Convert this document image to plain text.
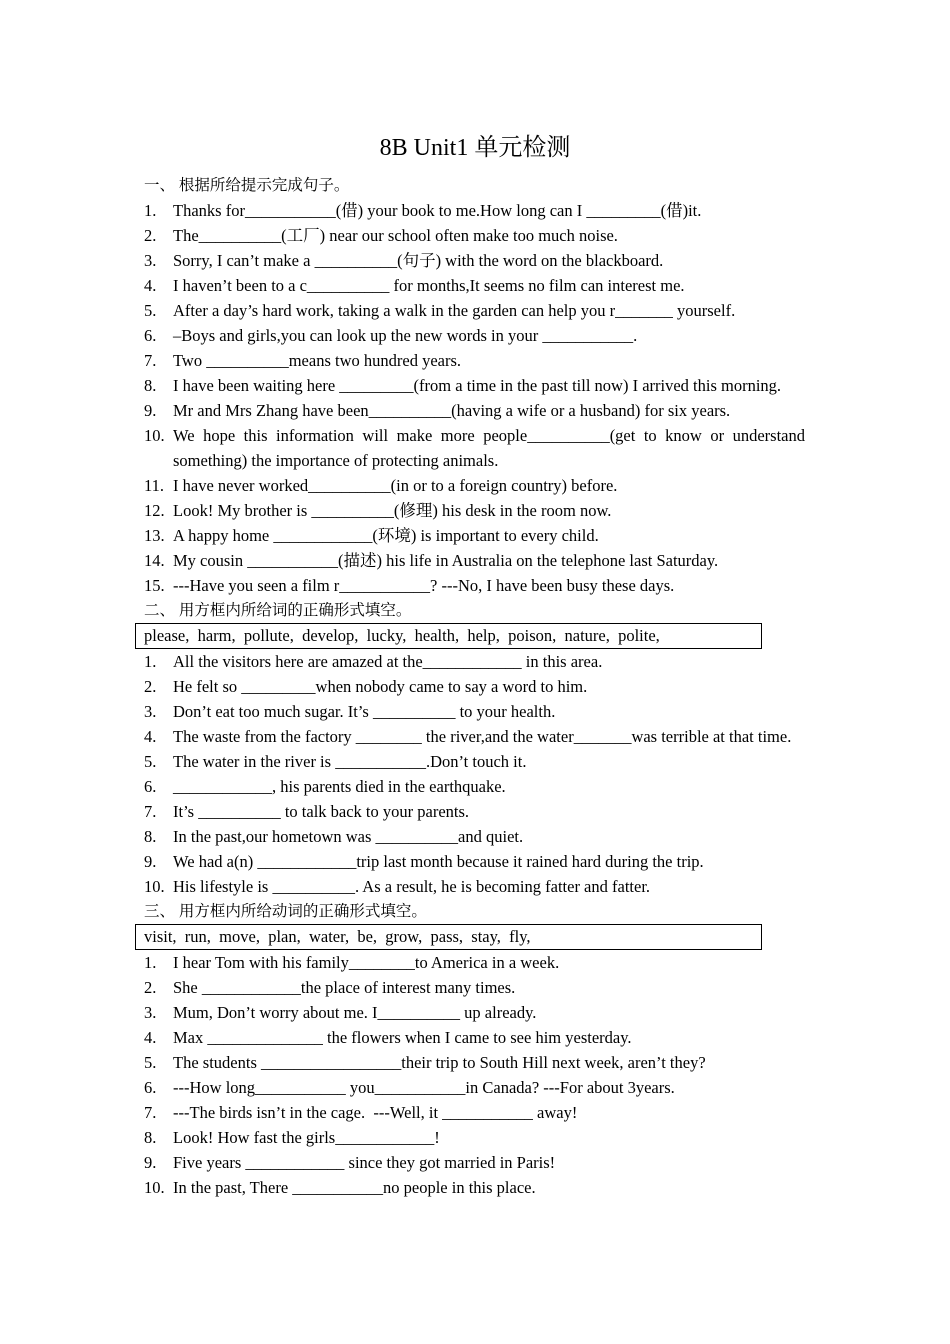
8B Unit1 单元检测
一、 根据所给提示完成句子。
1.	Thanks for___________(借) your book to me.How long can I _________(借)it.
2.	The__________(工厂) near our school often make too much noise.
3.	Sorry, I can’t make a __________(句子) with the word on the blackboard.
4.	I haven’t been to a c__________ for months,It seems no film can interest me.
5.	After a day’s hard work, taking a walk in the garden can help you r_______ yourself.
6.	–Boys and girls,you can look up the new words in your ___________.
7.	Two __________means two hundred years.
8.	I have been waiting here _________(from a time in the past till now) I arrived this morning.
9.	Mr and Mrs Zhang have been__________(having a wife or a husband) for six years.
10. We hope this information will make more people__________(get to know or understand something) the importance of protecting animals.
11. I have never worked__________(in or to a foreign country) before.
12. Look! My brother is __________(修理) his desk in the room now.
13. A happy home ____________(环境) is important to every child.
14. My cousin ___________(描述) his life in Australia on the telephone last Saturday.
15. ---Have you seen a film r___________? ---No, I have been busy these days.
二、 用方框内所给词的正确形式填空。
please,  harm,  pollute,  develop,  lucky,  health,  help,  poison,  nature,  polite,
1.	All the visitors here are amazed at the____________ in this area.
2.	He felt so _________when nobody came to say a word to him.
3.	Don’t eat too much sugar. It’s __________ to your health.
4.	The waste from the factory ________ the river,and the water_______was terrible at that time.
5.	The water in the river is ___________.Don’t touch it.
6.	____________, his parents died in the earthquake.
7.	It’s __________ to talk back to your parents.
8.	In the past,our hometown was __________and quiet.
9.	We had a(n) ____________trip last month because it rained hard during the trip.
10. His lifestyle is __________. As a result, he is becoming fatter and fatter.
三、 用方框内所给动词的正确形式填空。
visit,  run,  move,  plan,  water,  be,  grow,  pass,  stay,  fly,
1.	I hear Tom with his family________to America in a week.
2.	She ____________the place of interest many times.
3.	Mum, Don’t worry about me. I__________ up already.
4.	Max ______________ the flowers when I came to see him yesterday.
5.	The students _________________their trip to South Hill next week, aren’t they?
6.	---How long___________ you___________in Canada? ---For about 3years.
7.	---The birds isn’t in the cage.  ---Well, it ___________ away!
8.	Look! How fast the girls____________!
9.	Five years ____________ since they got married in Paris!
10. In the past, There ___________no people in this place.
